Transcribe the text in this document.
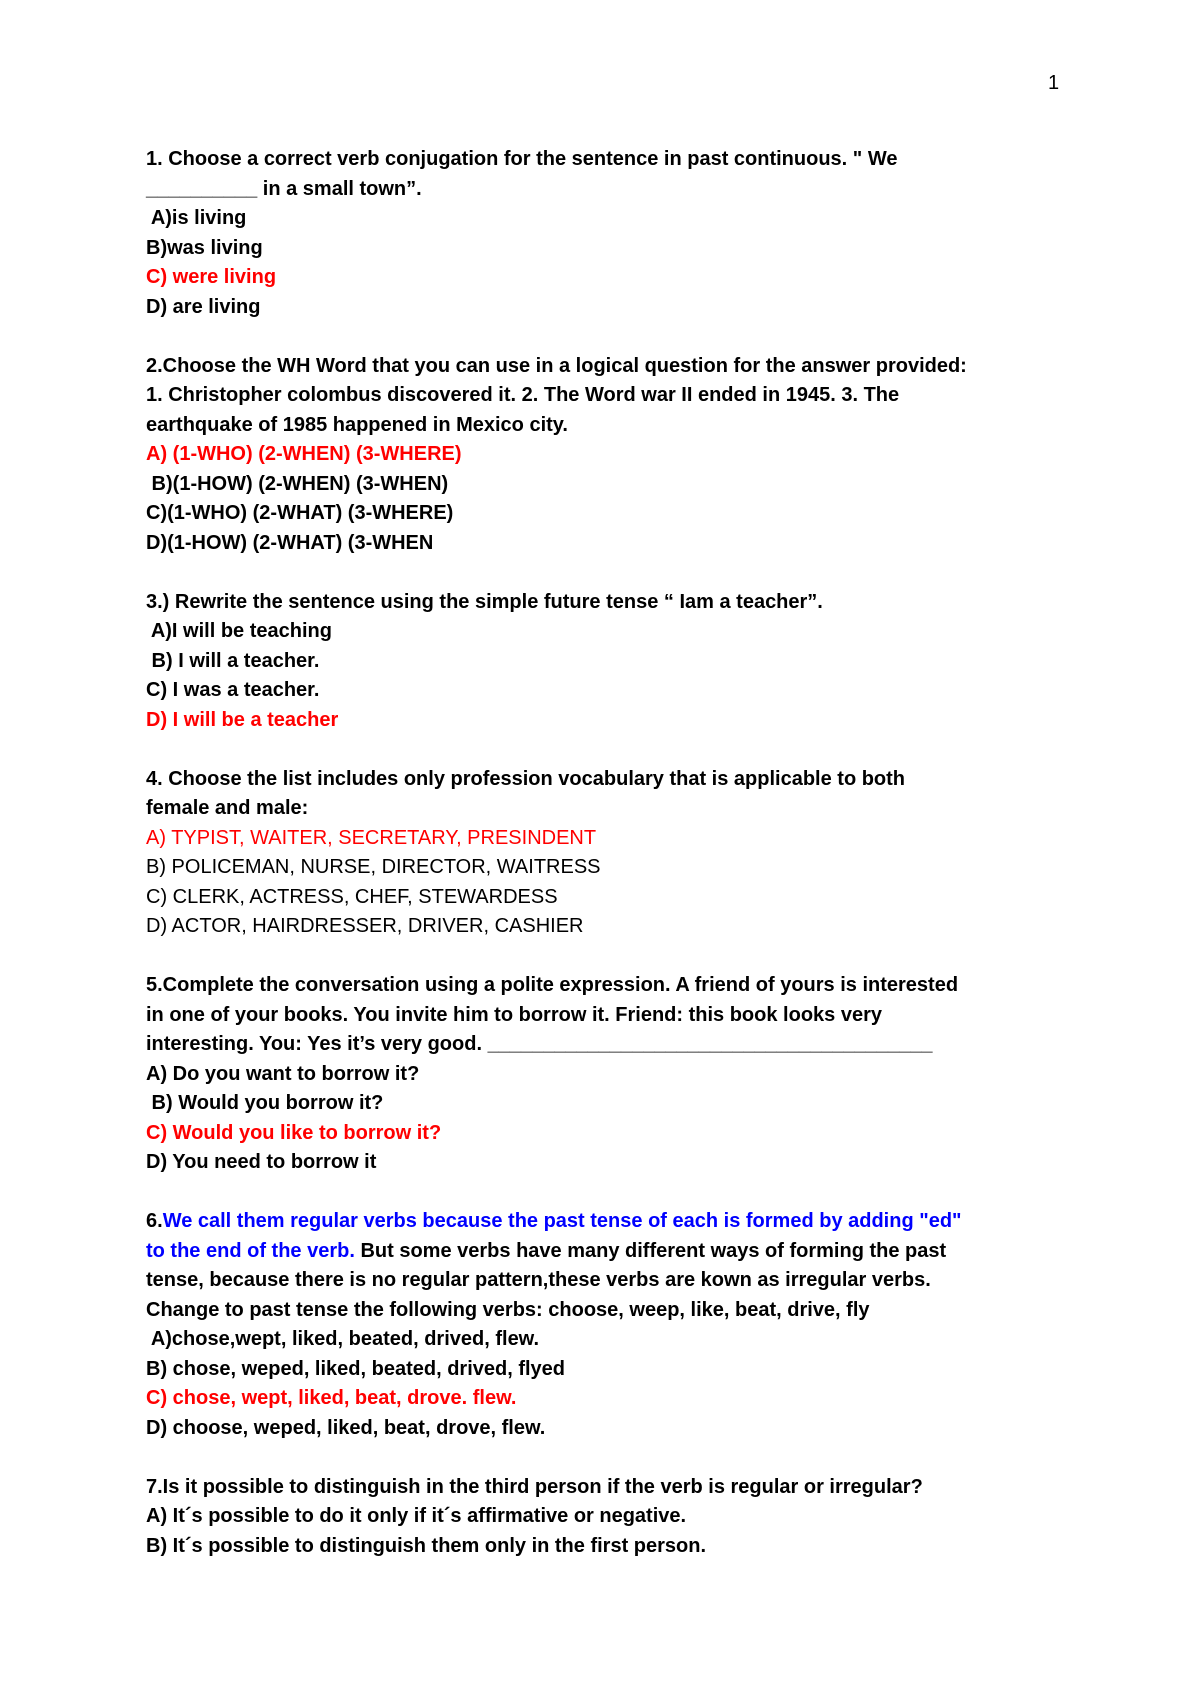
1
1. Choose a correct verb conjugation for the sentence in past continuous. " We
__________ in a small town”.
A)is living
B)was living
C) were living
D) are living
2.Choose the WH Word that you can use in a logical question for the answer provided:
1. Christopher colombus discovered it. 2. The Word war II ended in 1945. 3. The
earthquake of 1985 happened in Mexico city.
A) (1-WHO) (2-WHEN) (3-WHERE)
B)(1-HOW) (2-WHEN) (3-WHEN)
C)(1-WHO) (2-WHAT) (3-WHERE)
D)(1-HOW) (2-WHAT) (3-WHEN
3.) Rewrite the sentence using the simple future tense “ Iam a teacher”.
A)I will be teaching
B) I will a teacher.
C) I was a teacher.
D) I will be a teacher
4. Choose the list includes only profession vocabulary that is applicable to both
female and male:
A) TYPIST, WAITER, SECRETARY, PRESINDENT
B) POLICEMAN, NURSE, DIRECTOR, WAITRESS
C) CLERK, ACTRESS, CHEF, STEWARDESS
D) ACTOR, HAIRDRESSER, DRIVER, CASHIER
5.Complete the conversation using a polite expression. A friend of yours is interested
in one of your books. You invite him to borrow it. Friend: this book looks very
interesting. You: Yes it’s very good. ________________________________________
A) Do you want to borrow it?
B) Would you borrow it?
C) Would you like to borrow it?
D) You need to borrow it
6.We call them regular verbs because the past tense of each is formed by adding "ed"
to the end of the verb. But some verbs have many different ways of forming the past
tense, because there is no regular pattern,these verbs are kown as irregular verbs.
Change to past tense the following verbs: choose, weep, like, beat, drive, fly
A)chose,wept, liked, beated, drived, flew.
B) chose, weped, liked, beated, drived, flyed
C) chose, wept, liked, beat, drove. flew.
D) choose, weped, liked, beat, drove, flew.
7.Is it possible to distinguish in the third person if the verb is regular or irregular?
A) It´s possible to do it only if it´s affirmative or negative.
B) It´s possible to distinguish them only in the first person.
